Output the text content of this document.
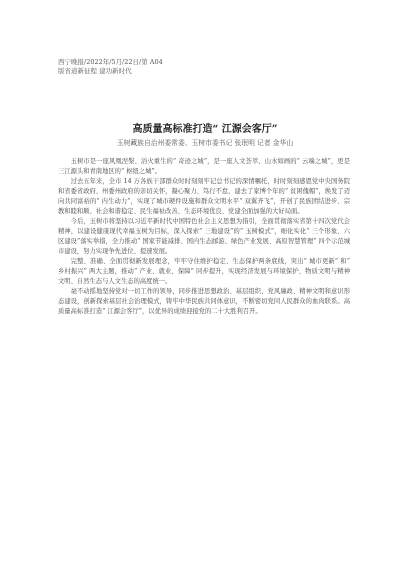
西宁晚报/2022年/5月/22日/第 A04
版省道新征程 建功新时代
高质量高标准打造“ 江源会客厅”
玉树藏族自治州委常委、玉树市委书记 张珉明 记者 金华山

玉树市是一座风凰涅槃、浴火重生的“ 奇迹之城”，是一座人文荟萃、山水如画的“ 云端之城”，更是三江源头和青南地区的“ 枢纽之城”。

过去五年来，全市 14 万各族干部群众时时刻刻牢记总书记的深情嘱托，时时刻刻感恩党中央国务院和省委省政府、州委州政府的亲切关怀，凝心聚力、笃行不怠，建去了家博个年的“ 贫困傀帽”，焕发了迈向共同富裕的“ 内生动力”，实现了城市硬件设施和群众文明水平“ 双翼齐飞”，开创了民族团结进步、宗教和睦和顺、社会和谐稳定、民生福祉改善、生态环境优良、党建全面加强的大好局面。

今后，玉树市将坚持以习近平新时代中国特色社会主义思想为指引，全面贯彻落实省第十四次党代会精神，以建设健康现代幸福玉树为目标，深入探索“ 三地建设”的“ 玉树模式”，细化实化“ 三个形象、六区建设”落实举措，全力推动“ 国家节能减排、国内生态邮游、绿色产业发展、高原智慧管理” 四个示范城市建设，努力实现争先进位、提速发展。

完整、准确、全面贯彻新发展理念，牢牢守住维护稳定、生态保护两条底线，突出“ 城市更新” 和“ 乡村振兴” 两大主题，推动“ 产业、就业、保障” 同步提升，实现经济发展与环境保护、物质文明与精神文明、自然生态与人文生态的高度统一。

毫不动摇地坚持党对一切工作的领导，同步推进思想政治、基层组织、党风廉政、精神文明和意识形态建设，创新探索基层社会治理模式，铸牢中华民族共同体意识，不断密切党同人民群众的血肉联系。高质量高标准打造“ 江源会客厅”，以优异的成绩迎接党的二十大胜利召开。
